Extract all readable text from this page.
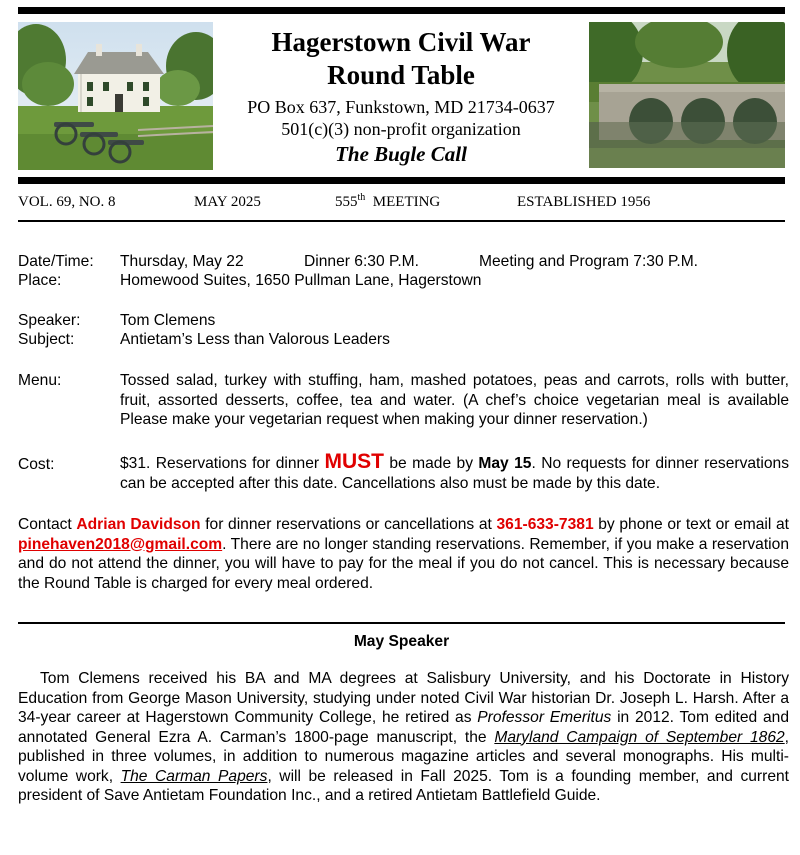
Hagerstown Civil War
Round Table
PO Box 637, Funkstown, MD 21734-0637
501(c)(3) non-profit organization
The Bugle Call
VOL. 69, NO. 8	MAY 2025	555th MEETING	ESTABLISHED 1956
Date/Time: Thursday, May 22	Dinner 6:30 P.M.	Meeting and Program 7:30 P.M.
Place:	Homewood Suites, 1650 Pullman Lane, Hagerstown
Speaker:	Tom Clemens
Subject:	Antietam’s Less than Valorous Leaders
Menu:	Tossed salad, turkey with stuffing, ham, mashed potatoes, peas and carrots, rolls with butter, fruit, assorted desserts, coffee, tea and water. (A chef’s choice vegetarian meal is available Please make your vegetarian request when making your dinner reservation.)
Cost:	$31. Reservations for dinner MUST be made by May 15. No requests for dinner reservations can be accepted after this date. Cancellations also must be made by this date.
Contact Adrian Davidson for dinner reservations or cancellations at 361-633-7381 by phone or text or email at pinehaven2018@gmail.com. There are no longer standing reservations. Remember, if you make a reservation and do not attend the dinner, you will have to pay for the meal if you do not cancel. This is necessary because the Round Table is charged for every meal ordered.
May Speaker
Tom Clemens received his BA and MA degrees at Salisbury University, and his Doctorate in History Education from George Mason University, studying under noted Civil War historian Dr. Joseph L. Harsh. After a 34-year career at Hagerstown Community College, he retired as Professor Emeritus in 2012. Tom edited and annotated General Ezra A. Carman’s 1800-page manuscript, the Maryland Campaign of September 1862, published in three volumes, in addition to numerous magazine articles and several monographs. His multi-volume work, The Carman Papers, will be released in Fall 2025. Tom is a founding member, and current president of Save Antietam Foundation Inc., and a retired Antietam Battlefield Guide.
